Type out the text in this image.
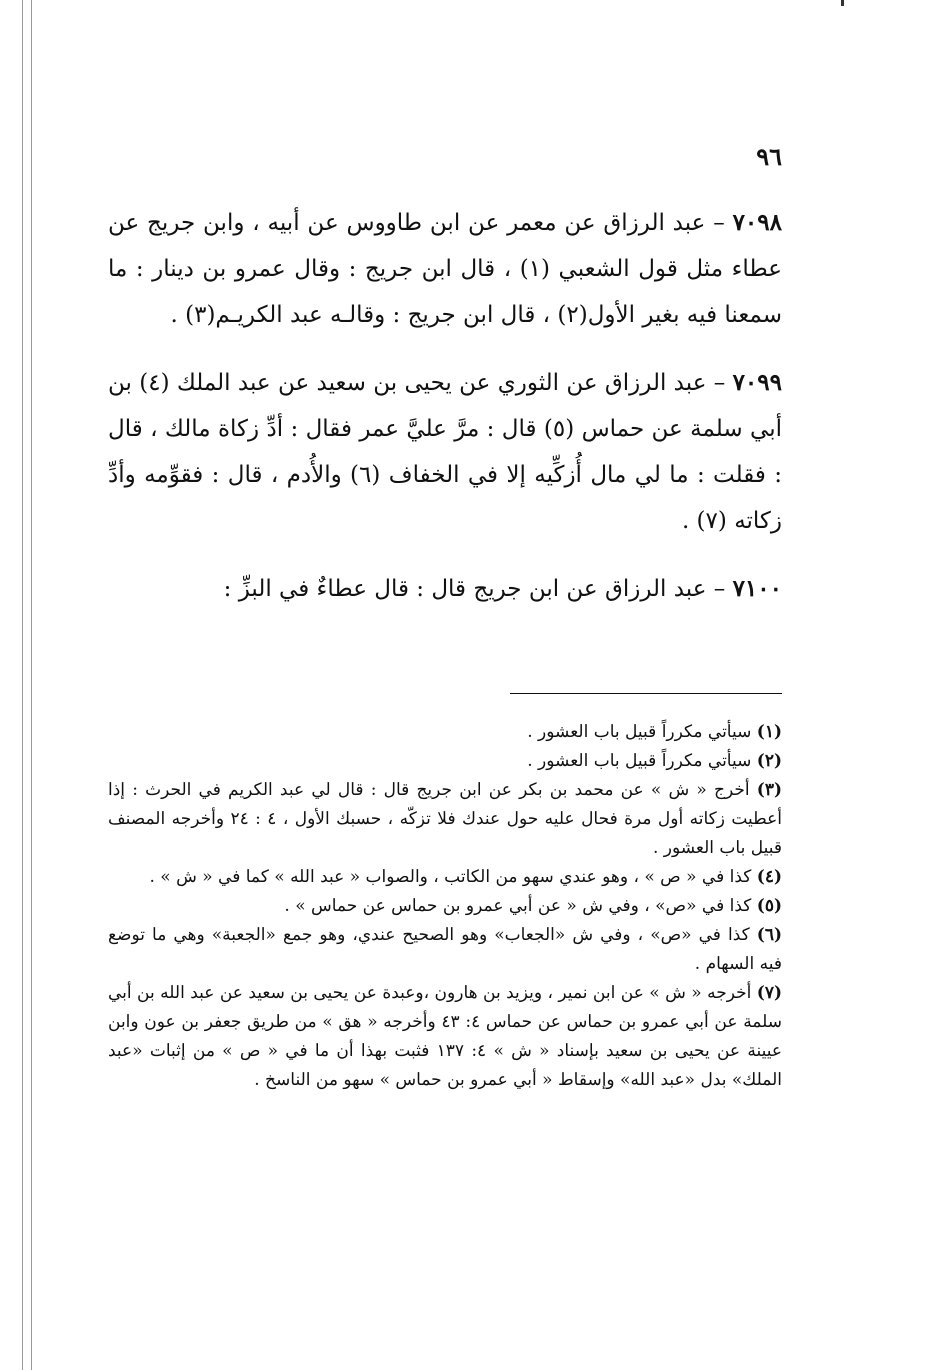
٩٦

٧٠٩٨ – عبد الرزاق عن معمر عن ابن طاووس عن أبيه ، وابن جريج عن عطاء مثل قول الشعبي (١) ، قال ابن جريج : وقال عمرو بن دينار : ما سمعنا فيه بغير الأول(٢) ، قال ابن جريج : وقالـه عبد الكريـم(٣) .

٧٠٩٩ – عبد الرزاق عن الثوري عن يحيى بن سعيد عن عبد الملك (٤) بن أبي سلمة عن حماس (٥) قال : مرَّ عليَّ عمر فقال : أدِّ زكاة مالك ، قال : فقلت : ما لي مال أُزكِّيه إلا في الخفاف (٦) والأُدم ، قال : فقوِّمه وأدِّ زكاته (٧) .

٧١٠٠ – عبد الرزاق عن ابن جريج قال : قال عطاءٌ في البزِّ :

(١) سيأتي مكرراً قبيل باب العشور .

(٢) سيأتي مكرراً قبيل باب العشور .

(٣) أخرج « ش » عن محمد بن بكر عن ابن جريج قال : قال لي عبد الكريم في الحرث : إذا أعطيت زكاته أول مرة فحال عليه حول عندك فلا تزكّه ، حسبك الأول ، ٤ : ٢٤ وأخرجه المصنف قبيل باب العشور .

(٤) كذا في « ص » ، وهو عندي سهو من الكاتب ، والصواب « عبد الله » كما في « ش » .

(٥) كذا في «ص» ، وفي ش « عن أبي عمرو بن حماس عن حماس » .

(٦) كذا في «ص» ، وفي ش «الجعاب» وهو الصحيح عندي، وهو جمع «الجعبة» وهي ما توضع فيه السهام .

(٧) أخرجه « ش » عن ابن نمير ، ويزيد بن هارون ،وعبدة عن يحيى بن سعيد عن عبد الله بن أبي سلمة عن أبي عمرو بن حماس عن حماس ٤: ٤٣ وأخرجه « هق » من طريق جعفر بن عون وابن عيينة عن يحيى بن سعيد بإسناد « ش » ٤: ١٣٧ فثبت بهذا أن ما في « ص » من إثبات «عبد الملك» بدل «عبد الله» وإسقاط « أبي عمرو بن حماس » سهو من الناسخ .
